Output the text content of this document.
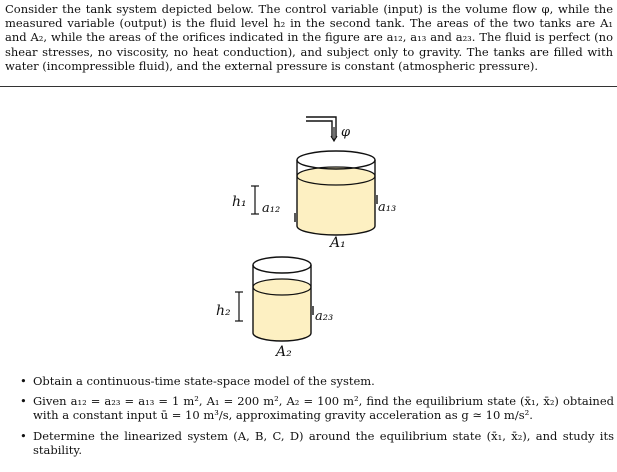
Consider the tank system depicted below. The control variable (input) is the volume flow φ, while the measured variable (output) is the fluid level h₂ in the second tank. The areas of the two tanks are A₁ and A₂, while the areas of the orifices indicated in the figure are a₁₂, a₁₃ and a₂₃. The fluid is perfect (no shear stresses, no viscosity, no heat conduction), and subject only to gravity. The tanks are filled with water (incompressible fluid), and the external pressure is constant (atmospheric pressure).
φ
h₁ a₁₂	a₁₃
A₁
h₂	a₂₃
A₂
• Obtain a continuous-time state-space model of the system.
• Given a₁₂ = a₂₃ = a₁₃ = 1 m², A₁ = 200 m², A₂ = 100 m², find the equilibrium state (x̄₁, x̄₂) obtained with a constant input ū = 10 m³/s, approximating gravity acceleration as g ≃ 10 m/s².
• Determine the linearized system (A, B, C, D) around the equilibrium state (x̄₁, x̄₂), and study its stability.
